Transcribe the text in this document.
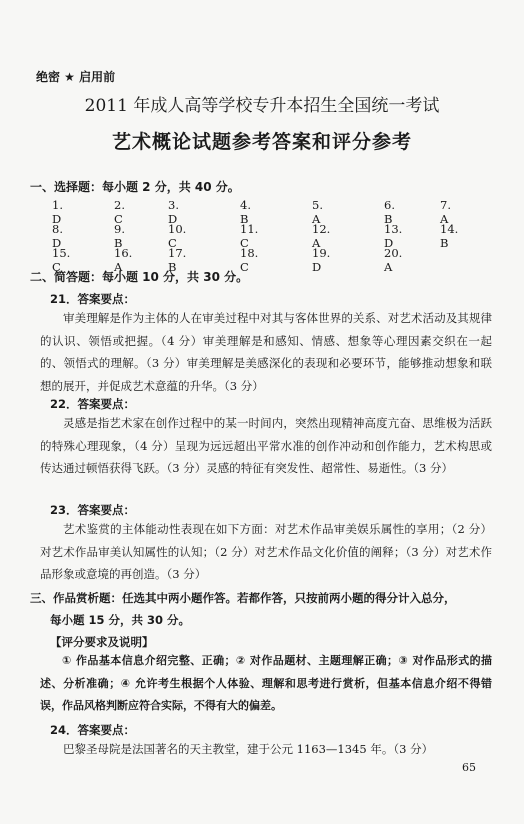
绝密 ★ 启用前
2011 年成人高等学校专升本招生全国统一考试
艺术概论试题参考答案和评分参考
一、选择题：每小题 2 分，共 40 分。
1. D
2. C
3. D
4. B
5. A
6. B
7. A
8. D
9. B
10. C
11. C
12. A
13. D
14. B
15. C
16. A
17. B
18. C
19. D
20. A
二、简答题：每小题 10 分，共 30 分。
21．答案要点：
审美理解是作为主体的人在审美过程中对其与客体世界的关系、对艺术活动及其规律的认识、领悟或把握。（4 分）审美理解是和感知、情感、想象等心理因素交织在一起的、领悟式的理解。（3 分）审美理解是美感深化的表现和必要环节，能够推动想象和联想的展开，并促成艺术意蕴的升华。（3 分）
22．答案要点：
灵感是指艺术家在创作过程中的某一时间内，突然出现精神高度亢奋、思维极为活跃的特殊心理现象，（4 分）呈现为远远超出平常水准的创作冲动和创作能力，艺术构思或传达通过顿悟获得飞跃。（3 分）灵感的特征有突发性、超常性、易逝性。（3 分）
23．答案要点：
艺术鉴赏的主体能动性表现在如下方面：对艺术作品审美娱乐属性的享用；（2 分）对艺术作品审美认知属性的认知；（2 分）对艺术作品文化价值的阐释；（3 分）对艺术作品形象或意境的再创造。（3 分）
三、作品赏析题：任选其中两小题作答。若都作答，只按前两小题的得分计入总分，
每小题 15 分，共 30 分。
【评分要求及说明】
① 作品基本信息介绍完整、正确；② 对作品题材、主题理解正确；③ 对作品形式的描述、分析准确；④ 允许考生根据个人体验、理解和思考进行赏析，但基本信息介绍不得错误，作品风格判断应符合实际，不得有大的偏差。
24．答案要点：
巴黎圣母院是法国著名的天主教堂，建于公元 1163—1345 年。（3 分）
65
